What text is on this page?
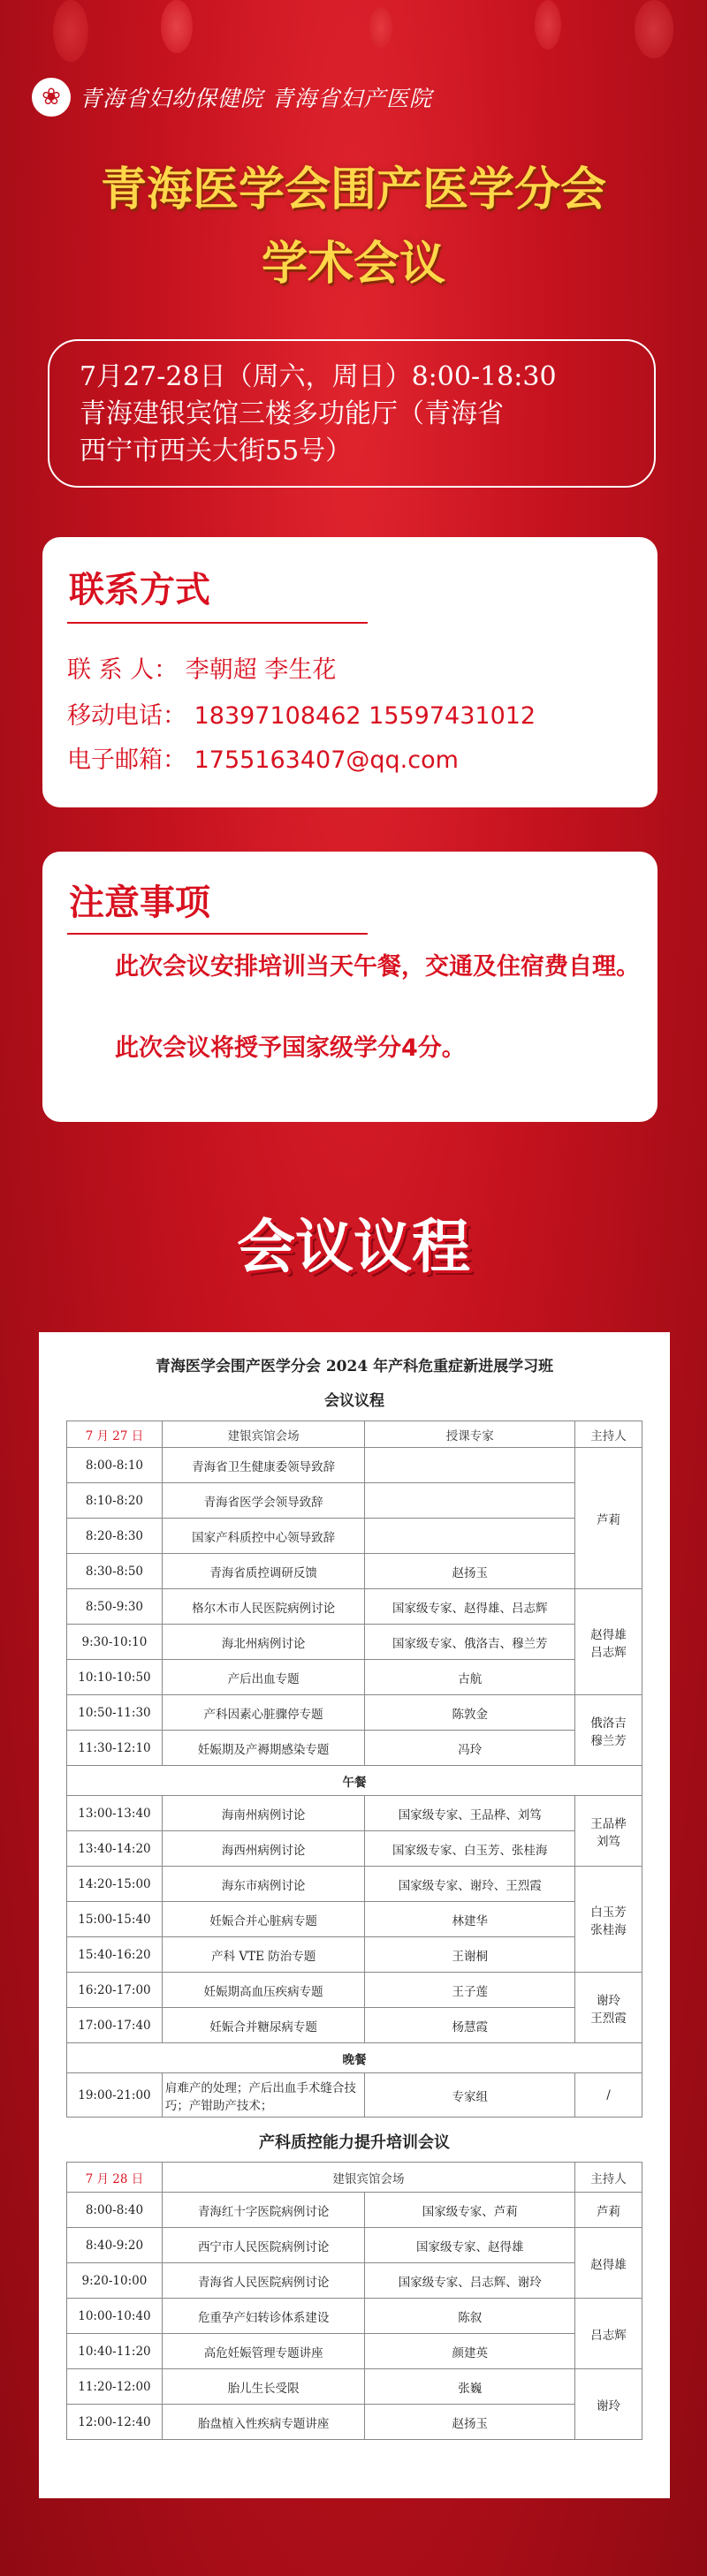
❀ 青海省妇幼保健院 青海省妇产医院
青海医学会围产医学分会
学术会议
7月27-28日（周六，周日）8:00-18:30
青海建银宾馆三楼多功能厅（青海省
西宁市西关大街55号）
联系方式
联 系 人： 李朝超 李生花
移动电话： 18397108462 15597431012
电子邮箱： 1755163407@qq.com
注意事项
此次会议安排培训当天午餐，交通及住宿费自理。
此次会议将授予国家级学分4分。
会议议程
青海医学会围产医学分会 2024 年产科危重症新进展学习班
会议议程
7 月 27 日	建银宾馆会场	授课专家	主持人
8:00-8:10	青海省卫生健康委领导致辞		芦莉
8:10-8:20	青海省医学会领导致辞		
8:20-8:30	国家产科质控中心领导致辞		
8:30-8:50	青海省质控调研反馈	赵扬玉	
8:50-9:30	格尔木市人民医院病例讨论	国家级专家、赵得雄、吕志辉	赵得雄
吕志辉
9:30-10:10	海北州病例讨论	国家级专家、俄洛吉、穆兰芳	
10:10-10:50	产后出血专题	古航	
10:50-11:30	产科因素心脏骤停专题	陈敦金	俄洛吉
穆兰芳
11:30-12:10	妊娠期及产褥期感染专题	冯玲	
午餐			
13:00-13:40	海南州病例讨论	国家级专家、王品桦、刘笃	王品桦
刘笃
13:40-14:20	海西州病例讨论	国家级专家、白玉芳、张桂海	
14:20-15:00	海东市病例讨论	国家级专家、谢玲、王烈霞	白玉芳
张桂海
15:00-15:40	妊娠合并心脏病专题	林建华	
15:40-16:20	产科 VTE 防治专题	王谢桐	
16:20-17:00	妊娠期高血压疾病专题	王子莲	谢玲
王烈霞
17:00-17:40	妊娠合并糖尿病专题	杨慧霞	
晚餐			
19:00-21:00	肩难产的处理；产后出血手术缝合技巧；产钳助产技术；	专家组	/
产科质控能力提升培训会议
7 月 28 日	建银宾馆会场		主持人
8:00-8:40	青海红十字医院病例讨论	国家级专家、芦莉	芦莉
8:40-9:20	西宁市人民医院病例讨论	国家级专家、赵得雄	赵得雄
9:20-10:00	青海省人民医院病例讨论	国家级专家、吕志辉、谢玲	
10:00-10:40	危重孕产妇转诊体系建设	陈叙	吕志辉
10:40-11:20	高危妊娠管理专题讲座	颜建英	
11:20-12:00	胎儿生长受限	张巍	谢玲
12:00-12:40	胎盘植入性疾病专题讲座	赵扬玉	
